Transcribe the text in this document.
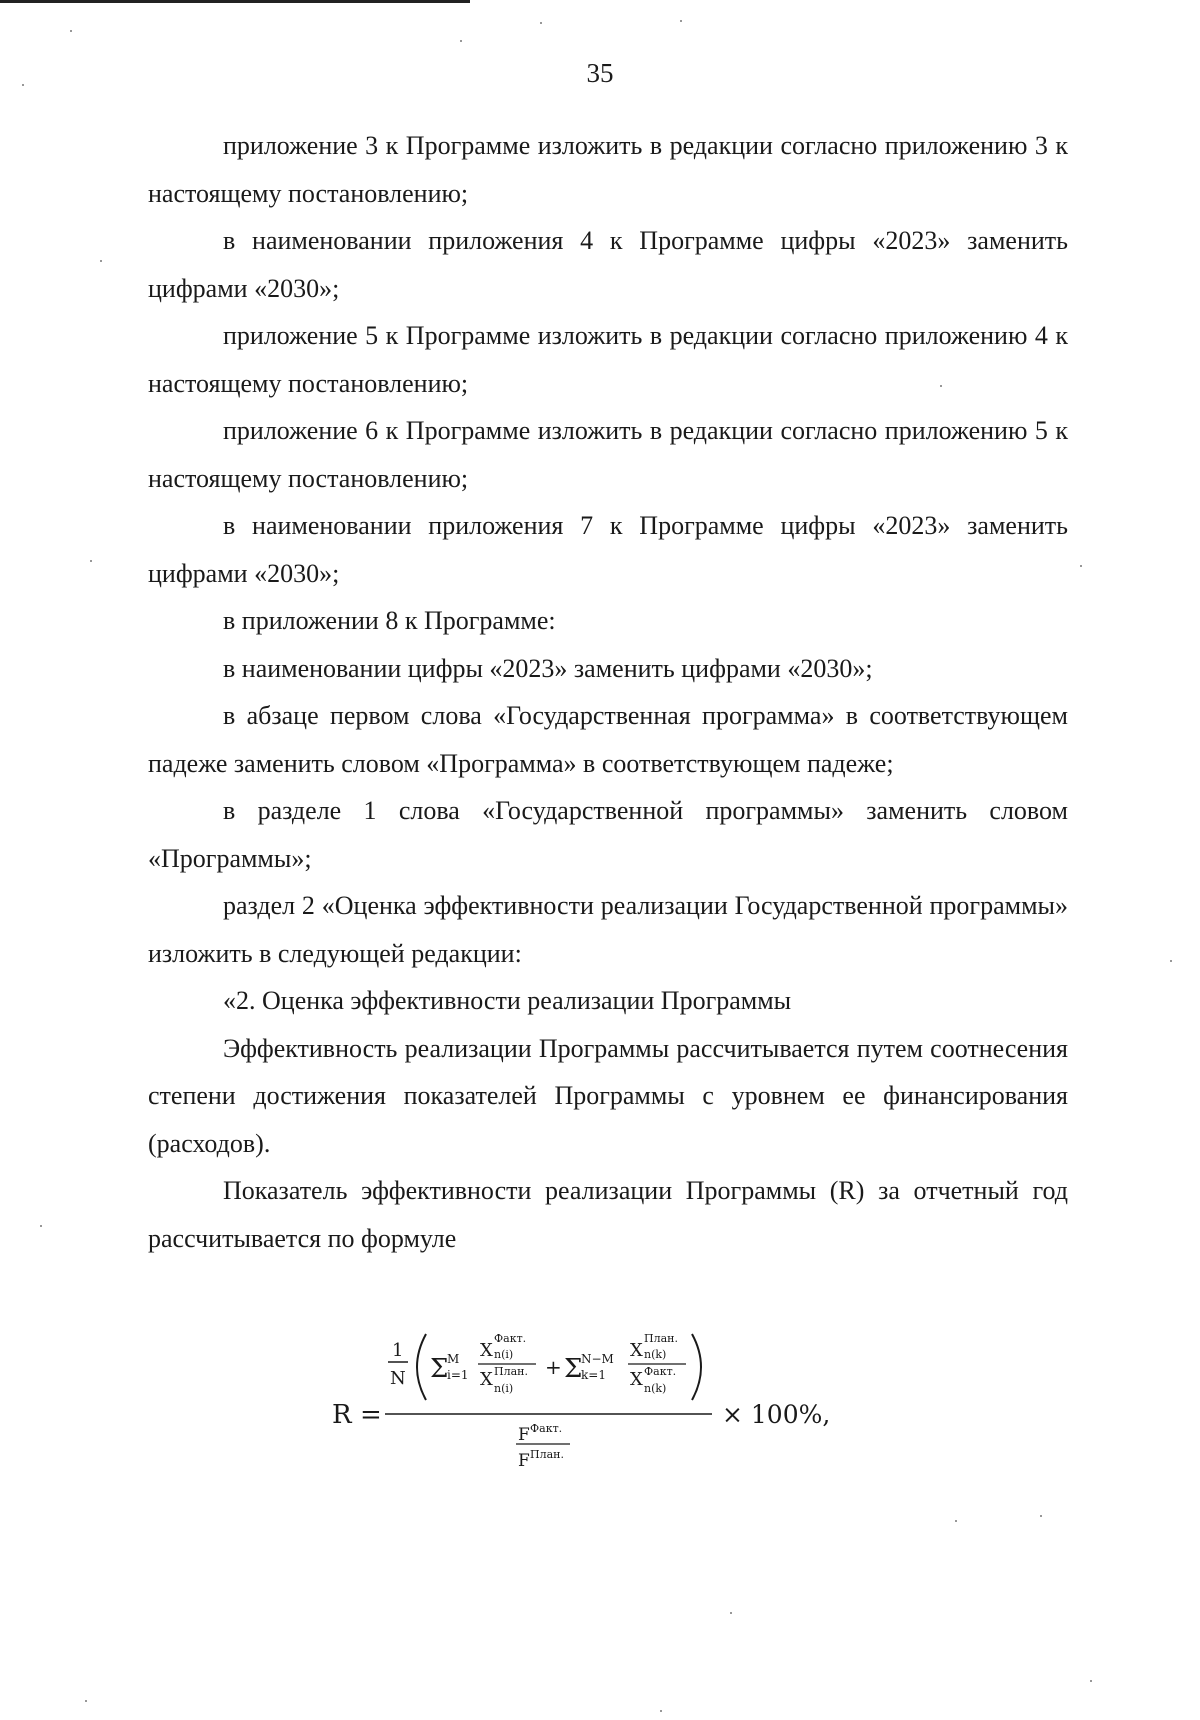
35

приложение 3 к Программе изложить в редакции согласно приложению 3 к настоящему постановлению;

в наименовании приложения 4 к Программе цифры «2023» заменить цифрами «2030»;

приложение 5 к Программе изложить в редакции согласно приложению 4 к настоящему постановлению;

приложение 6 к Программе изложить в редакции согласно приложению 5 к настоящему постановлению;

в наименовании приложения 7 к Программе цифры «2023» заменить цифрами «2030»;

в приложении 8 к Программе:

в наименовании цифры «2023» заменить цифрами «2030»;

в абзаце первом слова «Государственная программа» в соответствующем падеже заменить словом «Программа» в соответствующем падеже;

в разделе 1 слова «Государственной программы» заменить словом «Программы»;

раздел 2 «Оценка эффективности реализации Государственной программы» изложить в следующей редакции:

«2. Оценка эффективности реализации Программы

Эффективность реализации Программы рассчитывается путем соотнесения степени достижения показателей Программы с уровнем ее финансирования (расходов).

Показатель эффективности реализации Программы (R) за отчетный год рассчитывается по формуле

R =
1
N Σ
M
i=1
X
Факт.
n(i)
X План.
n(i)
+ Σ
N−M
k=1
X
План.
n(k)
X Факт.
n(k)
F Факт.
F План.
× 100%,
